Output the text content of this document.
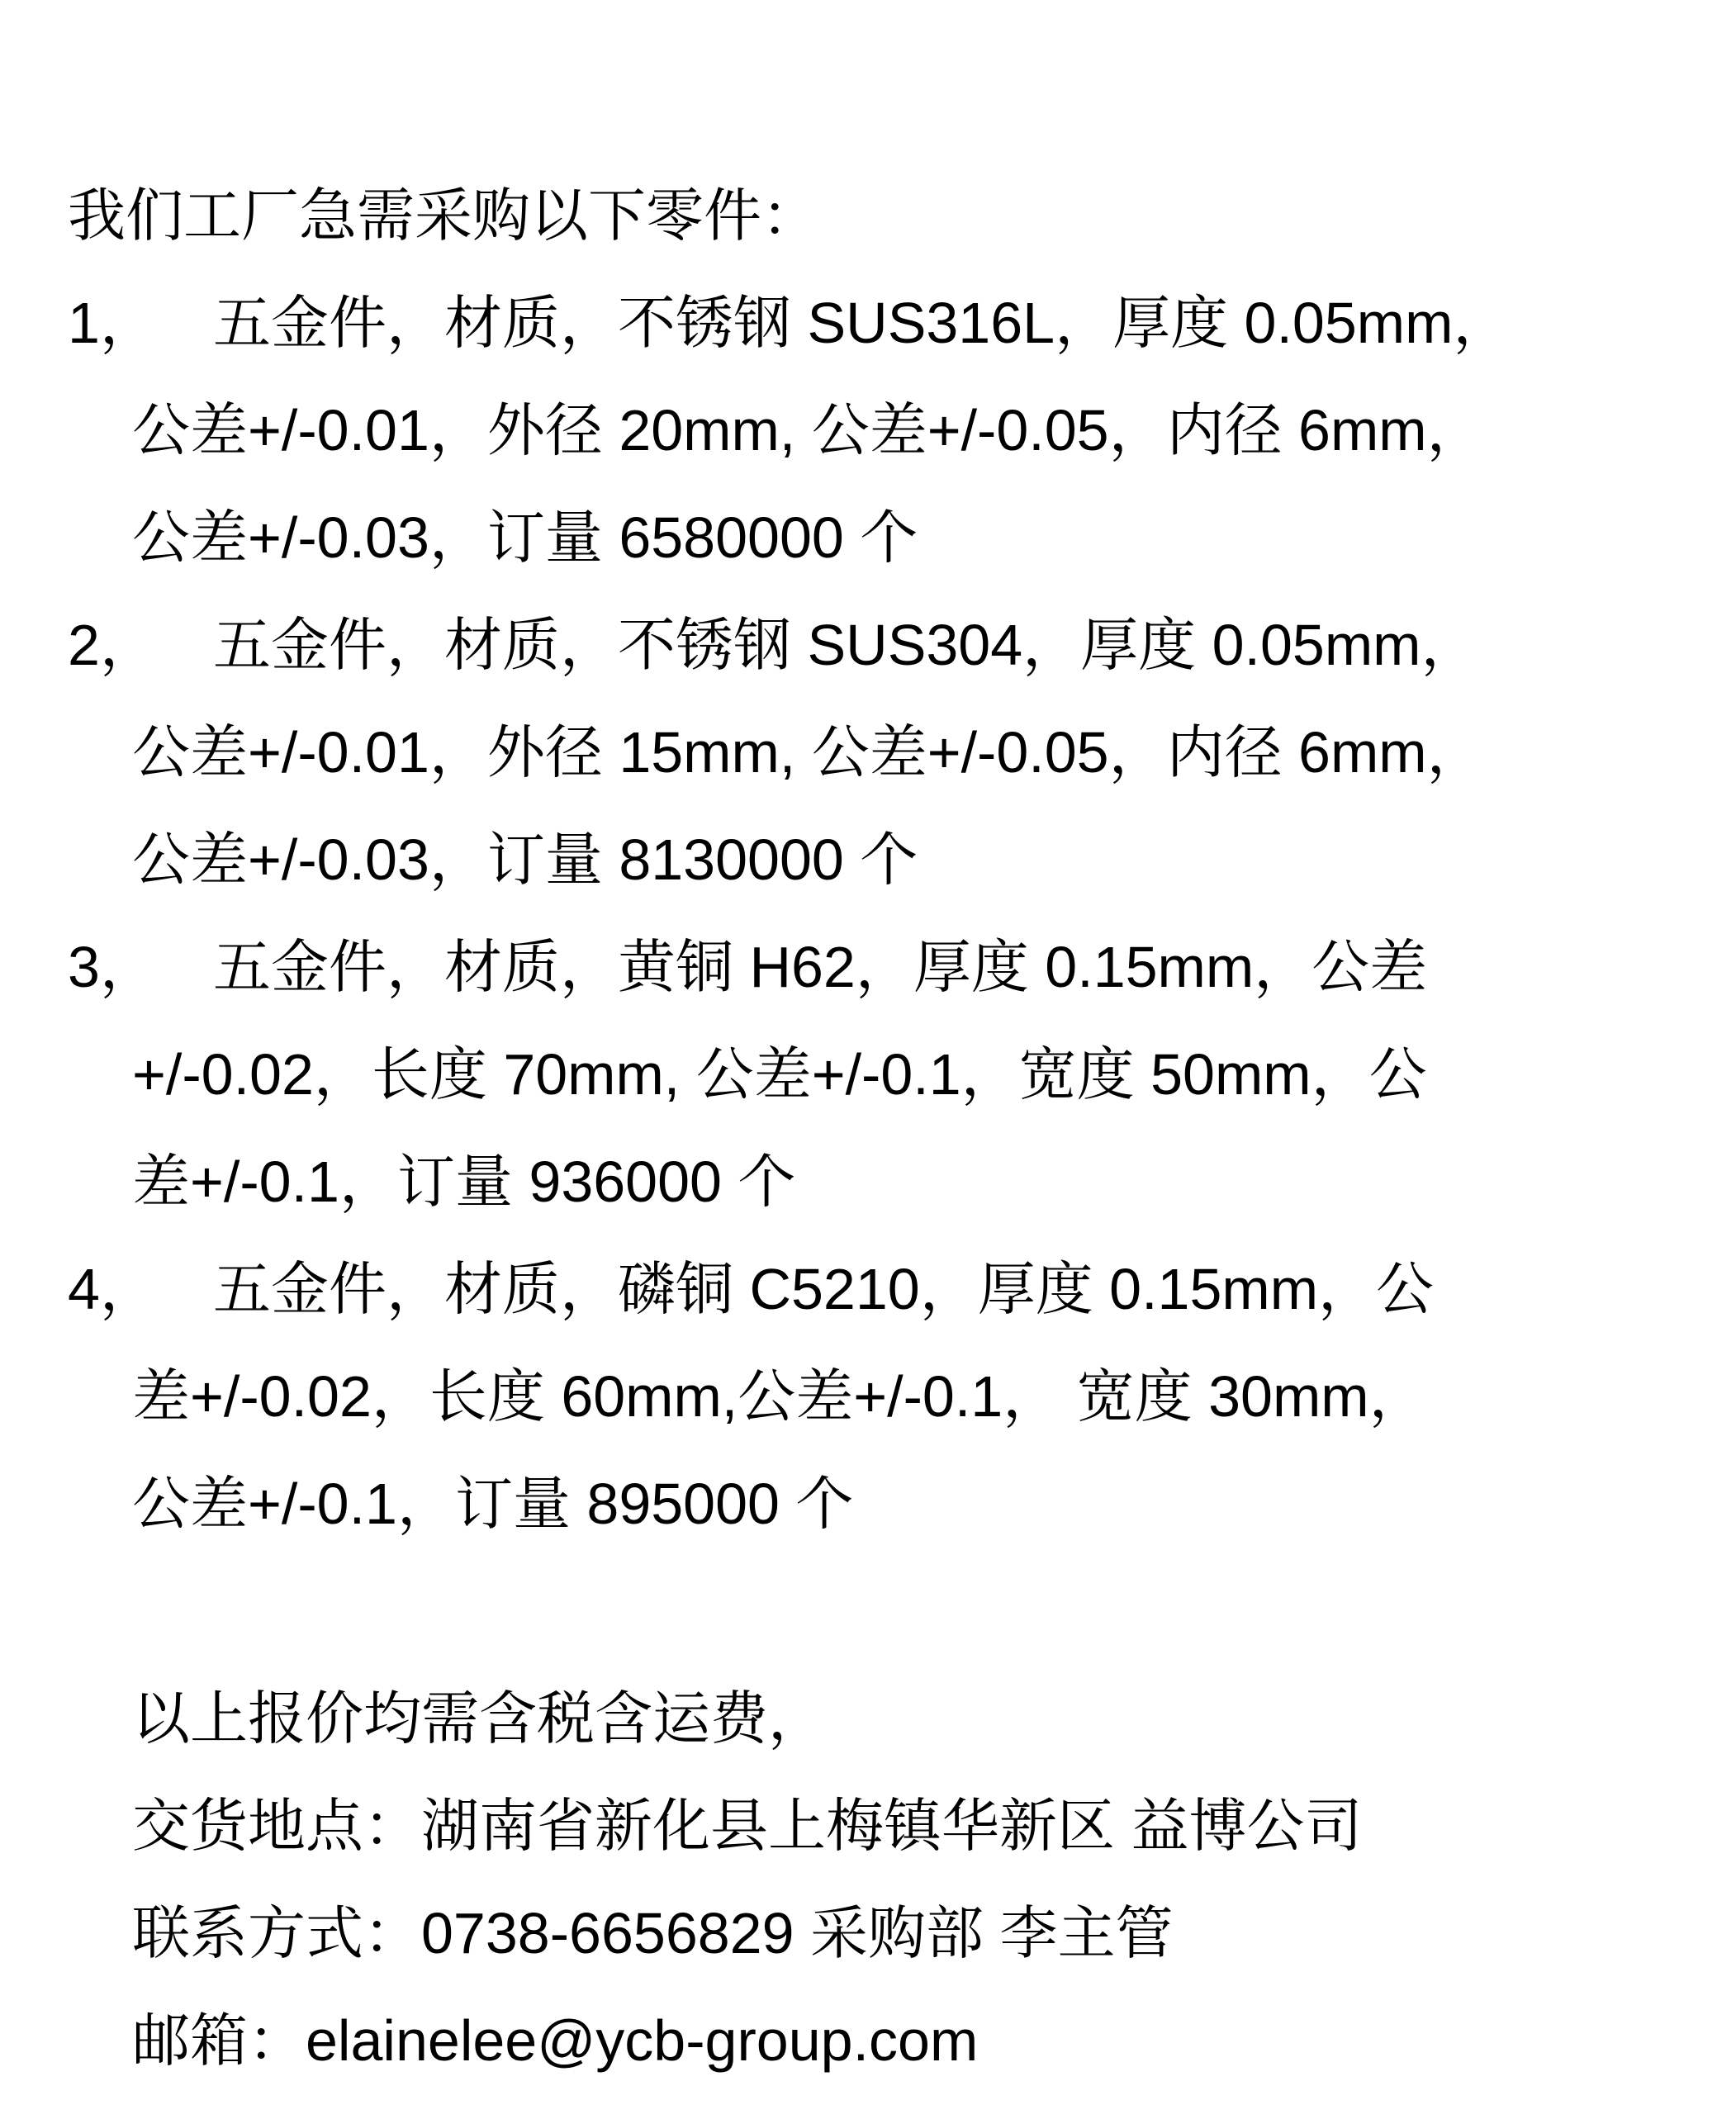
我们工厂急需采购以下零件：
1， 五金件，材质，不锈钢 SUS316L，厚度 0.05mm，
公差+/-0.01，外径 20mm, 公差+/-0.05，内径 6mm，
公差+/-0.03，订量 6580000 个
2， 五金件，材质，不锈钢 SUS304，厚度 0.05mm，
公差+/-0.01，外径 15mm, 公差+/-0.05，内径 6mm，
公差+/-0.03，订量 8130000 个
3， 五金件，材质，黄铜 H62，厚度 0.15mm，公差
+/-0.02，长度 70mm, 公差+/-0.1，宽度 50mm，公
差+/-0.1，订量 936000 个
4， 五金件，材质，磷铜 C5210，厚度 0.15mm，公
差+/-0.02，长度 60mm,公差+/-0.1， 宽度 30mm，
公差+/-0.1，订量 895000 个
以上报价均需含税含运费，
交货地点：湖南省新化县上梅镇华新区 益博公司
联系方式：0738-6656829 采购部 李主管
邮箱：elainelee@ycb-group.com
